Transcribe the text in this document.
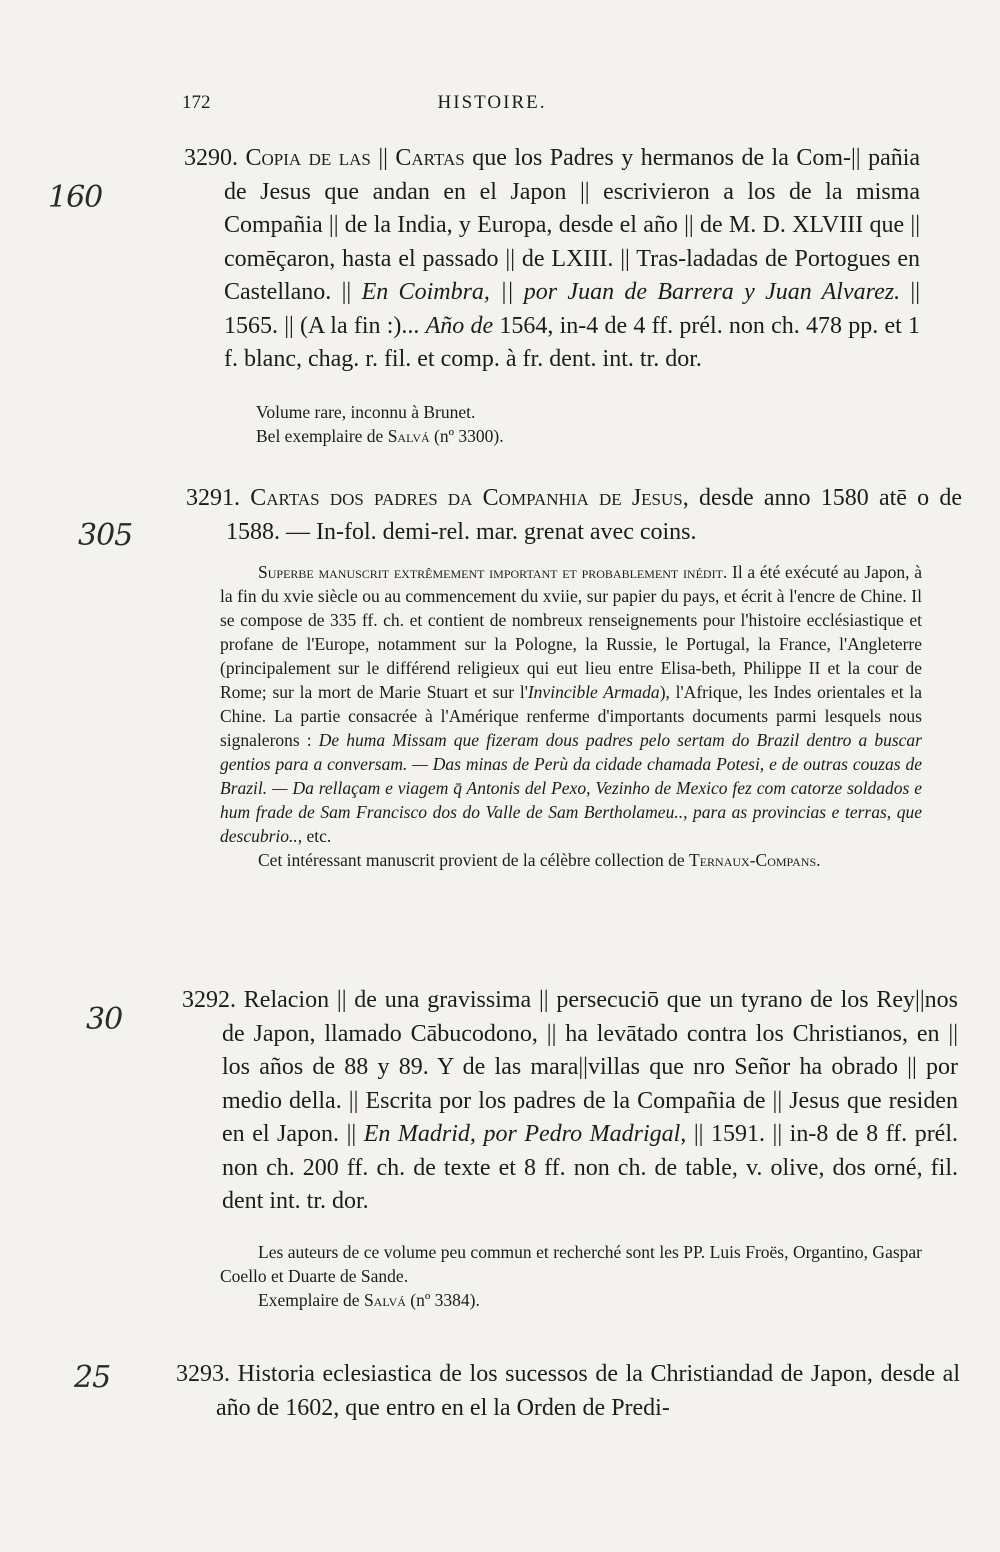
172	HISTOIRE.
160
305
30
25
3290. Copia de las || Cartas que los Padres y hermanos de la Com-|| pañia de Jesus que andan en el Japon || escrivieron a los de la misma Compañia || de la India, y Europa, desde el año || de M. D. XLVIII que || comēçaron, hasta el passado || de LXIII. || Tras-ladadas de Portogues en Castellano. || En Coimbra, || por Juan de Barrera y Juan Alvarez. || 1565. || (A la fin :)... Año de 1564, in-4 de 4 ff. prél. non ch. 478 pp. et 1 f. blanc, chag. r. fil. et comp. à fr. dent. int. tr. dor.

Volume rare, inconnu à Brunet.

Bel exemplaire de Salvá (nº 3300).

3291. Cartas dos padres da Companhia de Jesus, desde anno 1580 atē o de 1588. — In-fol. demi-rel. mar. grenat avec coins.

Superbe manuscrit extrêmement important et probablement inédit. Il a été exécuté au Japon, à la fin du xvie siècle ou au commencement du xviie, sur papier du pays, et écrit à l'encre de Chine. Il se compose de 335 ff. ch. et contient de nombreux renseignements pour l'histoire ecclésiastique et profane de l'Europe, notamment sur la Pologne, la Russie, le Portugal, la France, l'Angleterre (principalement sur le différend religieux qui eut lieu entre Elisa-beth, Philippe II et la cour de Rome; sur la mort de Marie Stuart et sur l'Invincible Armada), l'Afrique, les Indes orientales et la Chine. La partie consacrée à l'Amérique renferme d'importants documents parmi lesquels nous signalerons : De huma Missam que fizeram dous padres pelo sertam do Brazil dentro a buscar gentios para a conversam. — Das minas de Perù da cidade chamada Potesi, e de outras couzas de Brazil. — Da rellaçam e viagem q̄ Antonis del Pexo, Vezinho de Mexico fez com catorze soldados e hum frade de Sam Francisco dos do Valle de Sam Bertholameu.., para as provincias e terras, que descubrio.., etc.

Cet intéressant manuscrit provient de la célèbre collection de Ternaux-Compans.

3292. Relacion || de una gravissima || persecuciō que un tyrano de los Rey||nos de Japon, llamado Cābucodono, || ha levātado contra los Christianos, en || los años de 88 y 89. Y de las mara||villas que nro Señor ha obrado || por medio della. || Escrita por los padres de la Compañia de || Jesus que residen en el Japon. || En Madrid, por Pedro Madrigal, || 1591. || in-8 de 8 ff. prél. non ch. 200 ff. ch. de texte et 8 ff. non ch. de table, v. olive, dos orné, fil. dent int. tr. dor.

Les auteurs de ce volume peu commun et recherché sont les PP. Luis Froës, Organtino, Gaspar Coello et Duarte de Sande.

Exemplaire de Salvá (nº 3384).

3293. Historia eclesiastica de los sucessos de la Christiandad de Japon, desde al año de 1602, que entro en el la Orden de Predi-
